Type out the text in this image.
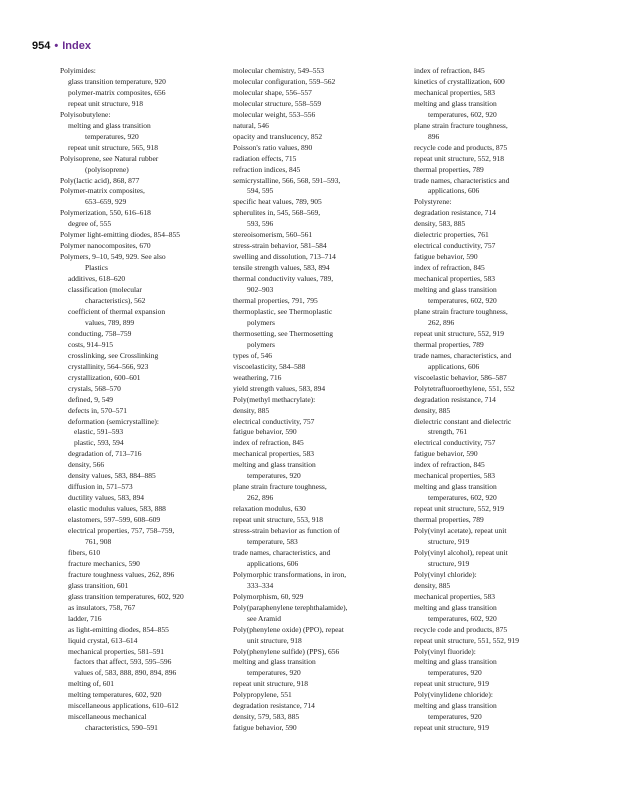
954 • Index
Polyimides:
glass transition temperature, 920
polymer-matrix composites, 656
repeat unit structure, 918
Polyisobutylene:
melting and glass transition
temperatures, 920
repeat unit structure, 565, 918
Polyisoprene, see Natural rubber
(polyisoprene)
Poly(lactic acid), 868, 877
Polymer-matrix composites,
653–659, 929
Polymerization, 550, 616–618
degree of, 555
Polymer light-emitting diodes, 854–855
Polymer nanocomposites, 670
Polymers, 9–10, 549, 929. See also
Plastics
additives, 618–620
classification (molecular
characteristics), 562
coefficient of thermal expansion
values, 789, 899
conducting, 758–759
costs, 914–915
crosslinking, see Crosslinking
crystallinity, 564–566, 923
crystallization, 600–601
crystals, 568–570
defined, 9, 549
defects in, 570–571
deformation (semicrystalline):
elastic, 591–593
plastic, 593, 594
degradation of, 713–716
density, 566
density values, 583, 884–885
diffusion in, 571–573
ductility values, 583, 894
elastic modulus values, 583, 888
elastomers, 597–599, 608–609
electrical properties, 757, 758–759,
761, 908
fibers, 610
fracture mechanics, 590
fracture toughness values, 262, 896
glass transition, 601
glass transition temperatures, 602, 920
as insulators, 758, 767
ladder, 716
as light-emitting diodes, 854–855
liquid crystal, 613–614
mechanical properties, 581–591
factors that affect, 593, 595–596
values of, 583, 888, 890, 894, 896
melting of, 601
melting temperatures, 602, 920
miscellaneous applications, 610–612
miscellaneous mechanical
characteristics, 590–591
molecular chemistry, 549–553
molecular configuration, 559–562
molecular shape, 556–557
molecular structure, 558–559
molecular weight, 553–556
natural, 546
opacity and translucency, 852
Poisson's ratio values, 890
radiation effects, 715
refraction indices, 845
semicrystalline, 566, 568, 591–593,
594, 595
specific heat values, 789, 905
spherulites in, 545, 568–569,
593, 596
stereoisomerism, 560–561
stress-strain behavior, 581–584
swelling and dissolution, 713–714
tensile strength values, 583, 894
thermal conductivity values, 789,
902–903
thermal properties, 791, 795
thermoplastic, see Thermoplastic
polymers
thermosetting, see Thermosetting
polymers
types of, 546
viscoelasticity, 584–588
weathering, 716
yield strength values, 583, 894
Poly(methyl methacrylate):
density, 885
electrical conductivity, 757
fatigue behavior, 590
index of refraction, 845
mechanical properties, 583
melting and glass transition
temperatures, 920
plane strain fracture toughness,
262, 896
relaxation modulus, 630
repeat unit structure, 553, 918
stress-strain behavior as function of
temperature, 583
trade names, characteristics, and
applications, 606
Polymorphic transformations, in iron,
333–334
Polymorphism, 60, 929
Poly(paraphenylene terephthalamide),
see Aramid
Poly(phenylene oxide) (PPO), repeat
unit structure, 918
Poly(phenylene sulfide) (PPS), 656
melting and glass transition
temperatures, 920
repeat unit structure, 918
Polypropylene, 551
degradation resistance, 714
density, 579, 583, 885
fatigue behavior, 590
index of refraction, 845
kinetics of crystallization, 600
mechanical properties, 583
melting and glass transition
temperatures, 602, 920
plane strain fracture toughness,
896
recycle code and products, 875
repeat unit structure, 552, 918
thermal properties, 789
trade names, characteristics and
applications, 606
Polystyrene:
degradation resistance, 714
density, 583, 885
dielectric properties, 761
electrical conductivity, 757
fatigue behavior, 590
index of refraction, 845
mechanical properties, 583
melting and glass transition
temperatures, 602, 920
plane strain fracture toughness,
262, 896
repeat unit structure, 552, 919
thermal properties, 789
trade names, characteristics, and
applications, 606
viscoelastic behavior, 586–587
Polytetrafluoroethylene, 551, 552
degradation resistance, 714
density, 885
dielectric constant and dielectric
strength, 761
electrical conductivity, 757
fatigue behavior, 590
index of refraction, 845
mechanical properties, 583
melting and glass transition
temperatures, 602, 920
repeat unit structure, 552, 919
thermal properties, 789
Poly(vinyl acetate), repeat unit
structure, 919
Poly(vinyl alcohol), repeat unit
structure, 919
Poly(vinyl chloride):
density, 885
mechanical properties, 583
melting and glass transition
temperatures, 602, 920
recycle code and products, 875
repeat unit structure, 551, 552, 919
Poly(vinyl fluoride):
melting and glass transition
temperatures, 920
repeat unit structure, 919
Poly(vinylidene chloride):
melting and glass transition
temperatures, 920
repeat unit structure, 919
